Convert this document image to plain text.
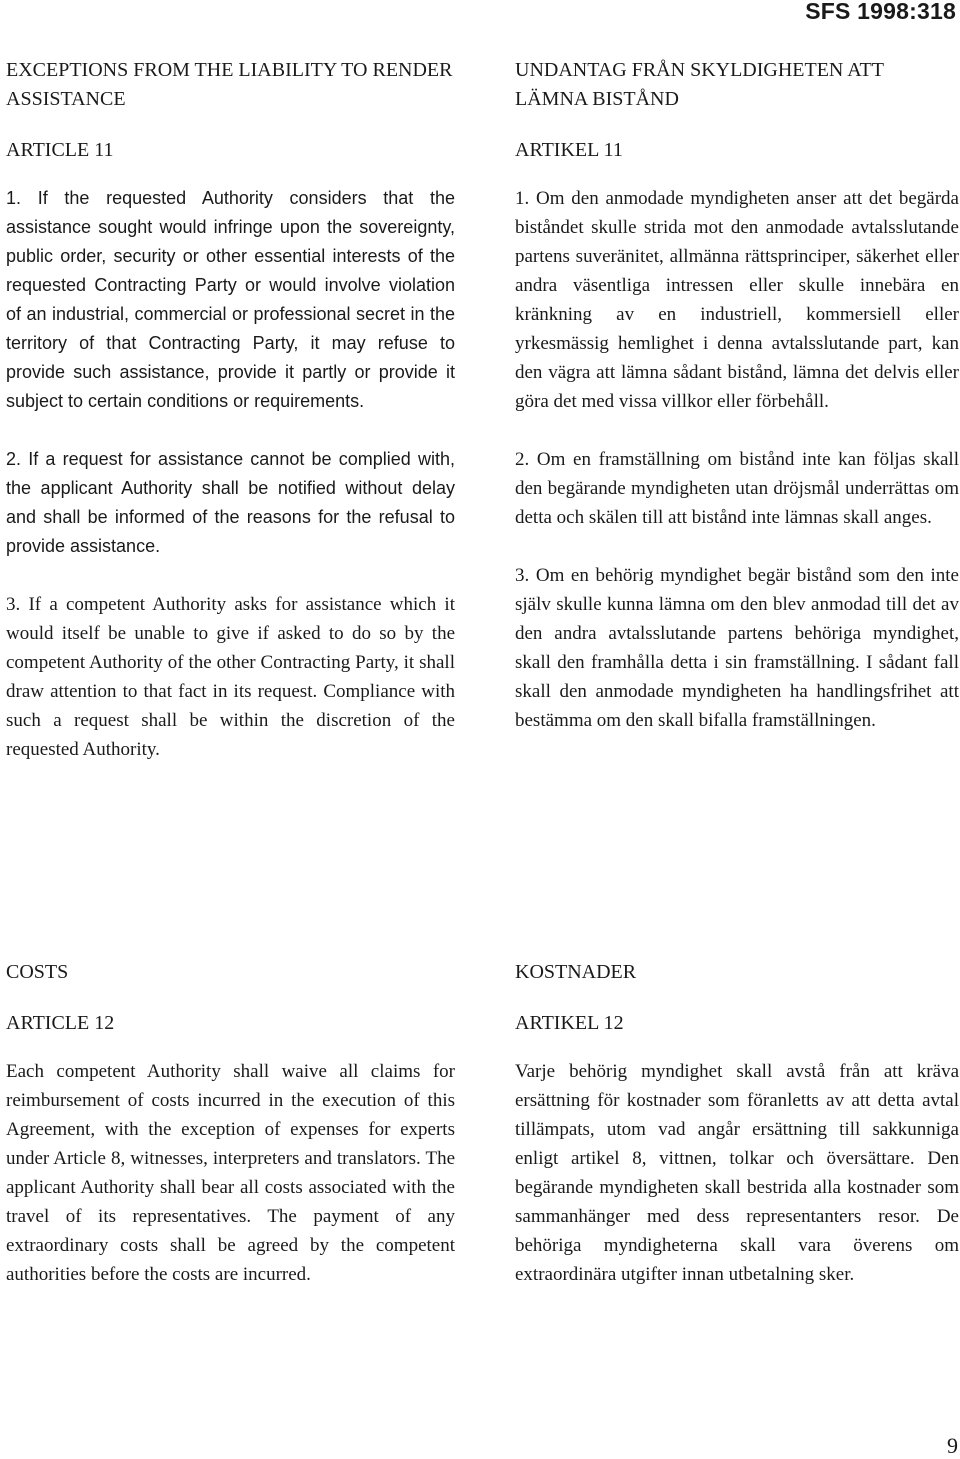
SFS 1998:318

EXCEPTIONS FROM THE LIABILITY TO RENDER ASSISTANCE

ARTICLE 11

1. If the requested Authority considers that the assistance sought would infringe upon the sovereignty, public order, security or other essential interests of the requested Contracting Party or would involve violation of an industrial, commercial or professional secret in the territory of that Contracting Party, it may refuse to provide such assistance, provide it partly or provide it subject to certain conditions or requirements.

2. If a request for assistance cannot be complied with, the applicant Authority shall be notified without delay and shall be informed of the reasons for the refusal to provide assistance.

3. If a competent Authority asks for assistance which it would itself be unable to give if asked to do so by the competent Authority of the other Contracting Party, it shall draw attention to that fact in its request. Compliance with such a request shall be within the discretion of the requested Authority.

UNDANTAG FRÅN SKYLDIGHETEN ATT LÄMNA BISTÅND

ARTIKEL 11

1. Om den anmodade myndigheten anser att det begärda biståndet skulle strida mot den anmodade avtalsslutande partens suveränitet, allmänna rättsprinciper, säkerhet eller andra väsentliga intressen eller skulle innebära en kränkning av en industriell, kommersiell eller yrkesmässig hemlighet i denna avtalsslutande part, kan den vägra att lämna sådant bistånd, lämna det delvis eller göra det med vissa villkor eller förbehåll.

2. Om en framställning om bistånd inte kan följas skall den begärande myndigheten utan dröjsmål underrättas om detta och skälen till att bistånd inte lämnas skall anges.

3. Om en behörig myndighet begär bistånd som den inte själv skulle kunna lämna om den blev anmodad till det av den andra avtalsslutande partens behöriga myndighet, skall den framhålla detta i sin framställning. I sådant fall skall den anmodade myndigheten ha handlingsfrihet att bestämma om den skall bifalla framställningen.

COSTS

ARTICLE 12

Each competent Authority shall waive all claims for reimbursement of costs incurred in the execution of this Agreement, with the exception of expenses for experts under Article 8, witnesses, interpreters and translators. The applicant Authority shall bear all costs associated with the travel of its representatives. The payment of any extraordinary costs shall be agreed by the competent authorities before the costs are incurred.

KOSTNADER

ARTIKEL 12

Varje behörig myndighet skall avstå från att kräva ersättning för kostnader som föranletts av att detta avtal tillämpats, utom vad angår ersättning till sakkunniga enligt artikel 8, vittnen, tolkar och översättare. Den begärande myndigheten skall bestrida alla kostnader som sammanhänger med dess representanters resor. De behöriga myndigheterna skall vara överens om extraordinära utgifter innan utbetalning sker.

9
